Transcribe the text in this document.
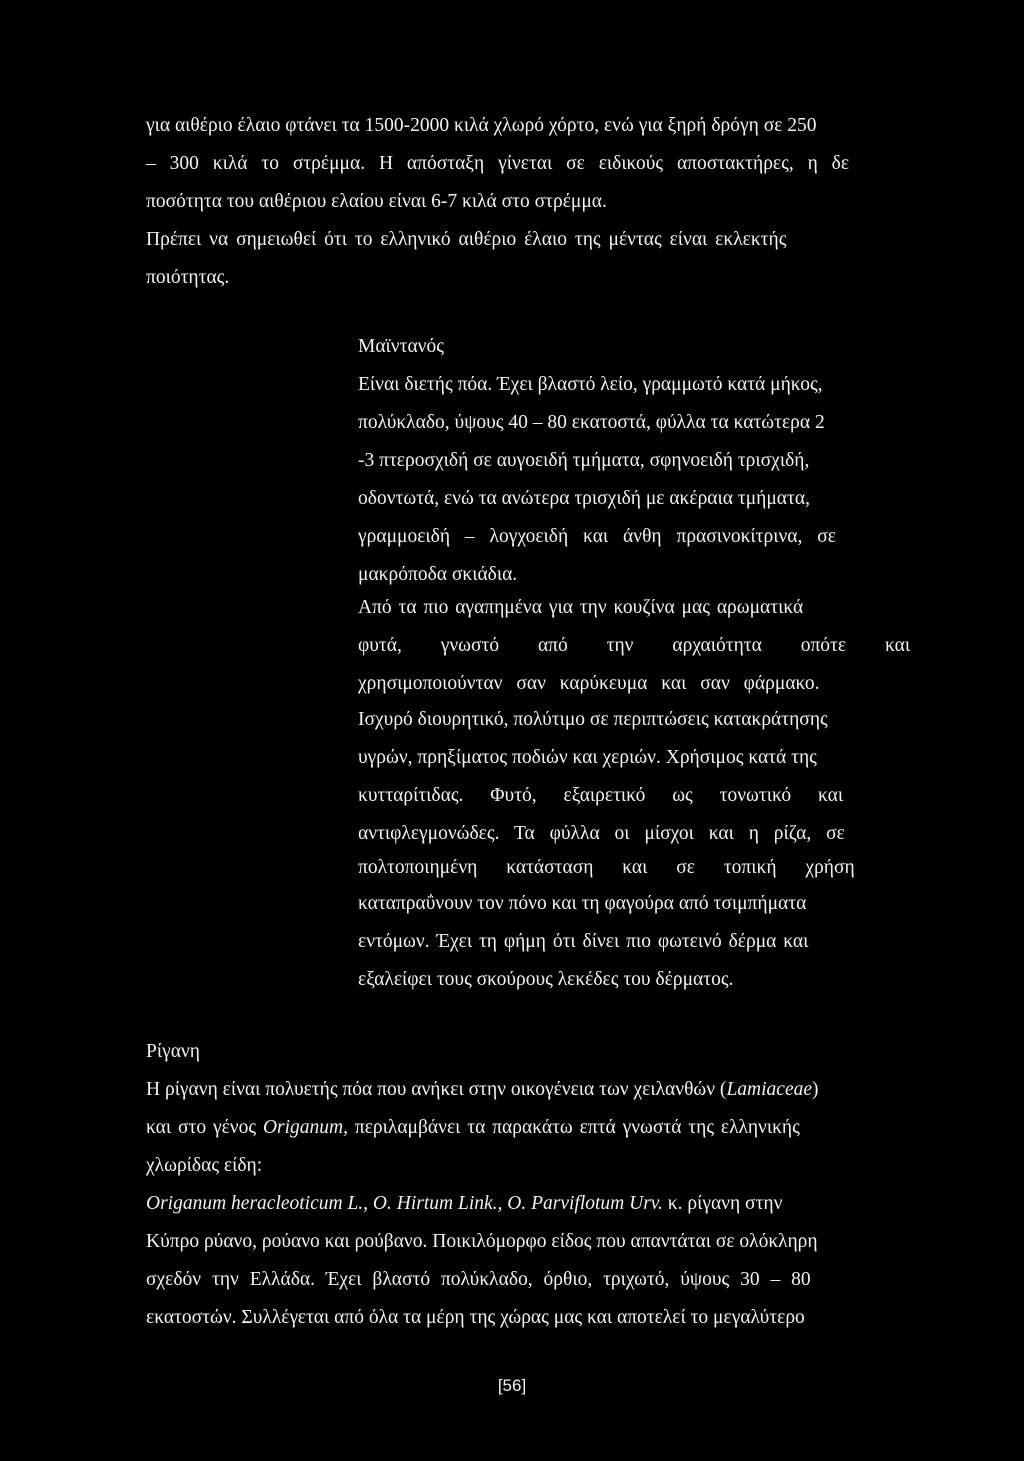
για αιθέριο έλαιο φτάνει τα 1500-2000 κιλά χλωρό χόρτο, ενώ για ξηρή δρόγη σε 250

– 300 κιλά το στρέμμα. Η απόσταξη γίνεται σε ειδικούς αποστακτήρες, η δε

ποσότητα του αιθέριου ελαίου είναι 6-7 κιλά στο στρέμμα.

Πρέπει να σημειωθεί ότι το ελληνικό αιθέριο έλαιο της μέντας είναι εκλεκτής

ποιότητας.

Μαϊντανός

Είναι διετής πόα. Έχει βλαστό λείο, γραμμωτό κατά μήκος,

πολύκλαδο, ύψους 40 – 80 εκατοστά, φύλλα τα κατώτερα 2

-3 πτεροσχιδή σε αυγοειδή τμήματα, σφηνοειδή τρισχιδή,

οδοντωτά, ενώ τα ανώτερα τρισχιδή με ακέραια τμήματα,

γραμμοειδή – λογχοειδή και άνθη πρασινοκίτρινα, σε

μακρόποδα σκιάδια.

Από τα πιο αγαπημένα για την κουζίνα μας αρωματικά

φυτά, γνωστό από την αρχαιότητα οπότε και

χρησιμοποιούνταν σαν καρύκευμα και σαν φάρμακο.

Ισχυρό διουρητικό, πολύτιμο σε περιπτώσεις κατακράτησης

υγρών, πρηξίματος ποδιών και χεριών. Χρήσιμος κατά της

κυτταρίτιδας. Φυτό, εξαιρετικό ως τονωτικό και

αντιφλεγμονώδες. Τα φύλλα οι μίσχοι και η ρίζα, σε

πολτοποιημένη κατάσταση και σε τοπική χρήση

καταπραΰνουν τον πόνο και τη φαγούρα από τσιμπήματα

εντόμων. Έχει τη φήμη ότι δίνει πιο φωτεινό δέρμα και

εξαλείφει τους σκούρους λεκέδες του δέρματος.

Ρίγανη

Η ρίγανη είναι πολυετής πόα που ανήκει στην οικογένεια των χειλανθών (Lamiaceae)

και στο γένος Origanum, περιλαμβάνει τα παρακάτω επτά γνωστά της ελληνικής

χλωρίδας είδη:

Origanum heracleoticum L., O. Hirtum Link., O. Parviflotum Urv. κ. ρίγανη στην

Κύπρο ρύανο, ρούανο και ρούβανο. Ποικιλόμορφο είδος που απαντάται σε ολόκληρη

σχεδόν την Ελλάδα. Έχει βλαστό πολύκλαδο, όρθιο, τριχωτό, ύψους 30 – 80

εκατοστών. Συλλέγεται από όλα τα μέρη της χώρας μας και αποτελεί το μεγαλύτερο

[56]
